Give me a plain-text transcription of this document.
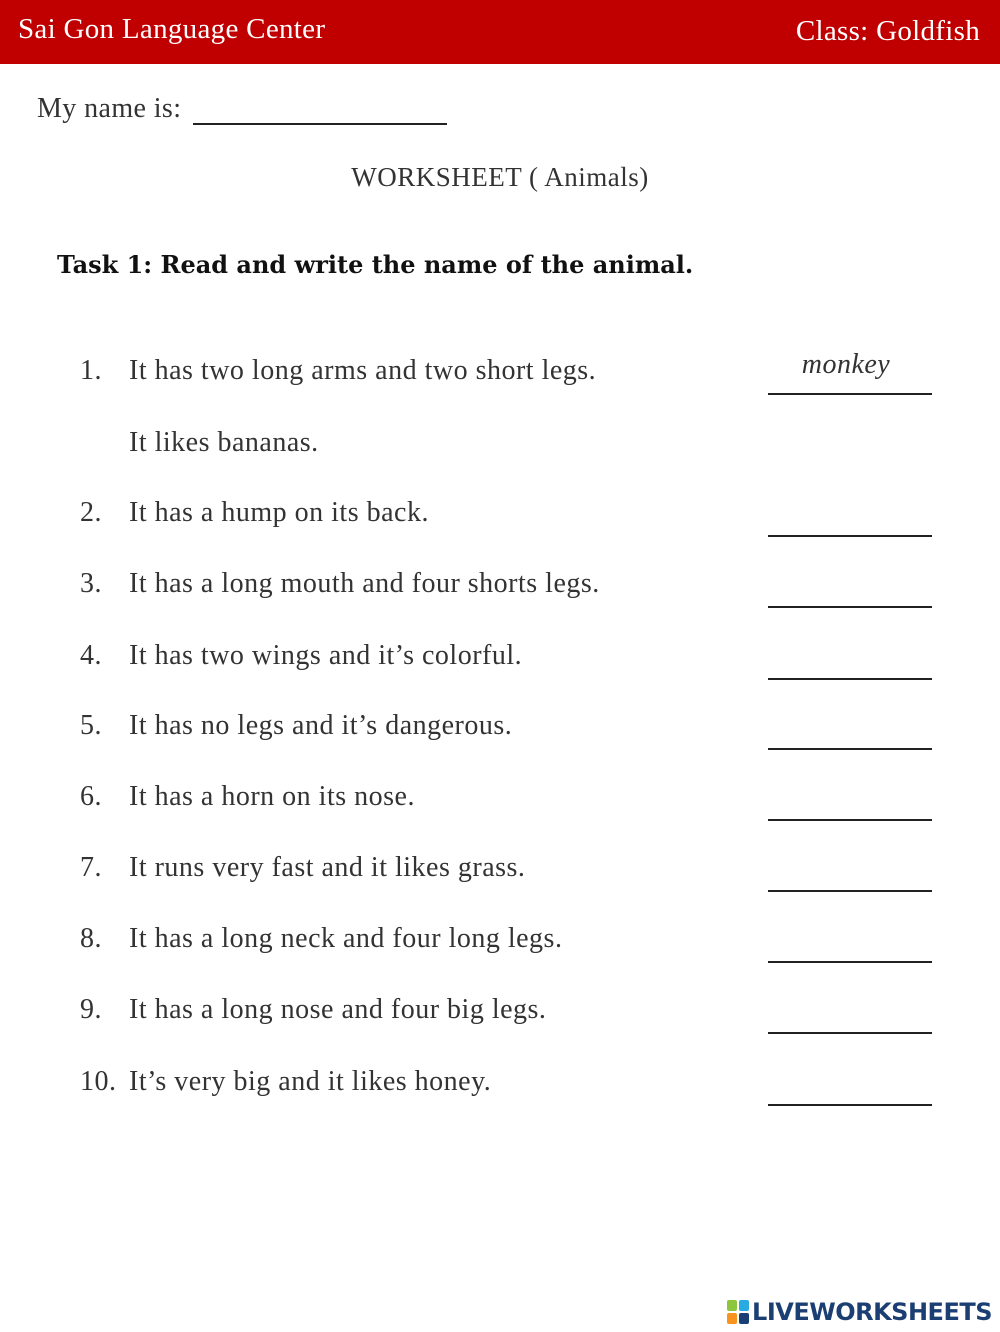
Sai Gon Language Center	Class: Goldfish
My name is:
WORKSHEET ( Animals)
Task 1: Read and write the name of the animal.
1. It has two long arms and two short legs.	monkey
It likes bananas.
2. It has a hump on its back.
3. It has a long mouth and four shorts legs.
4. It has two wings and it’s colorful.
5. It has no legs and it’s dangerous.
6. It has a horn on its nose.
7. It runs very fast and it likes grass.
8. It has a long neck and four long legs.
9. It has a long nose and four big legs.
10. It’s very big and it likes honey.
LIVEWORKSHEETS
